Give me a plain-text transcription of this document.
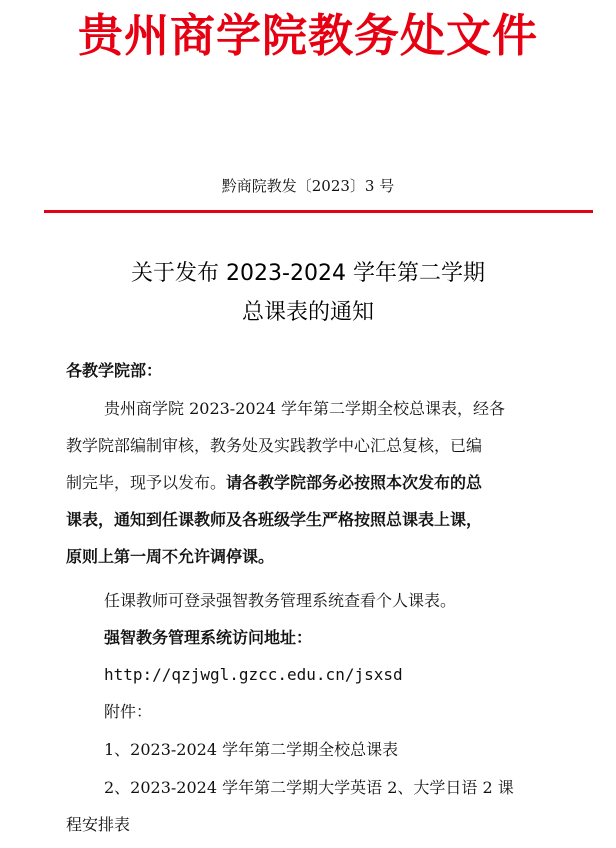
贵州商学院教务处文件
黔商院教发〔2023〕3 号
关于发布 2023-2024 学年第二学期
总课表的通知
各教学院部：
贵州商学院 2023-2024 学年第二学期全校总课表，经各
教学院部编制审核，教务处及实践教学中心汇总复核，已编
制完毕，现予以发布。请各教学院部务必按照本次发布的总
课表，通知到任课教师及各班级学生严格按照总课表上课，
原则上第一周不允许调停课。
任课教师可登录强智教务管理系统查看个人课表。
强智教务管理系统访问地址：
http://qzjwgl.gzcc.edu.cn/jsxsd
附件：
1、2023-2024 学年第二学期全校总课表
2、2023-2024 学年第二学期大学英语 2、大学日语 2 课
程安排表
